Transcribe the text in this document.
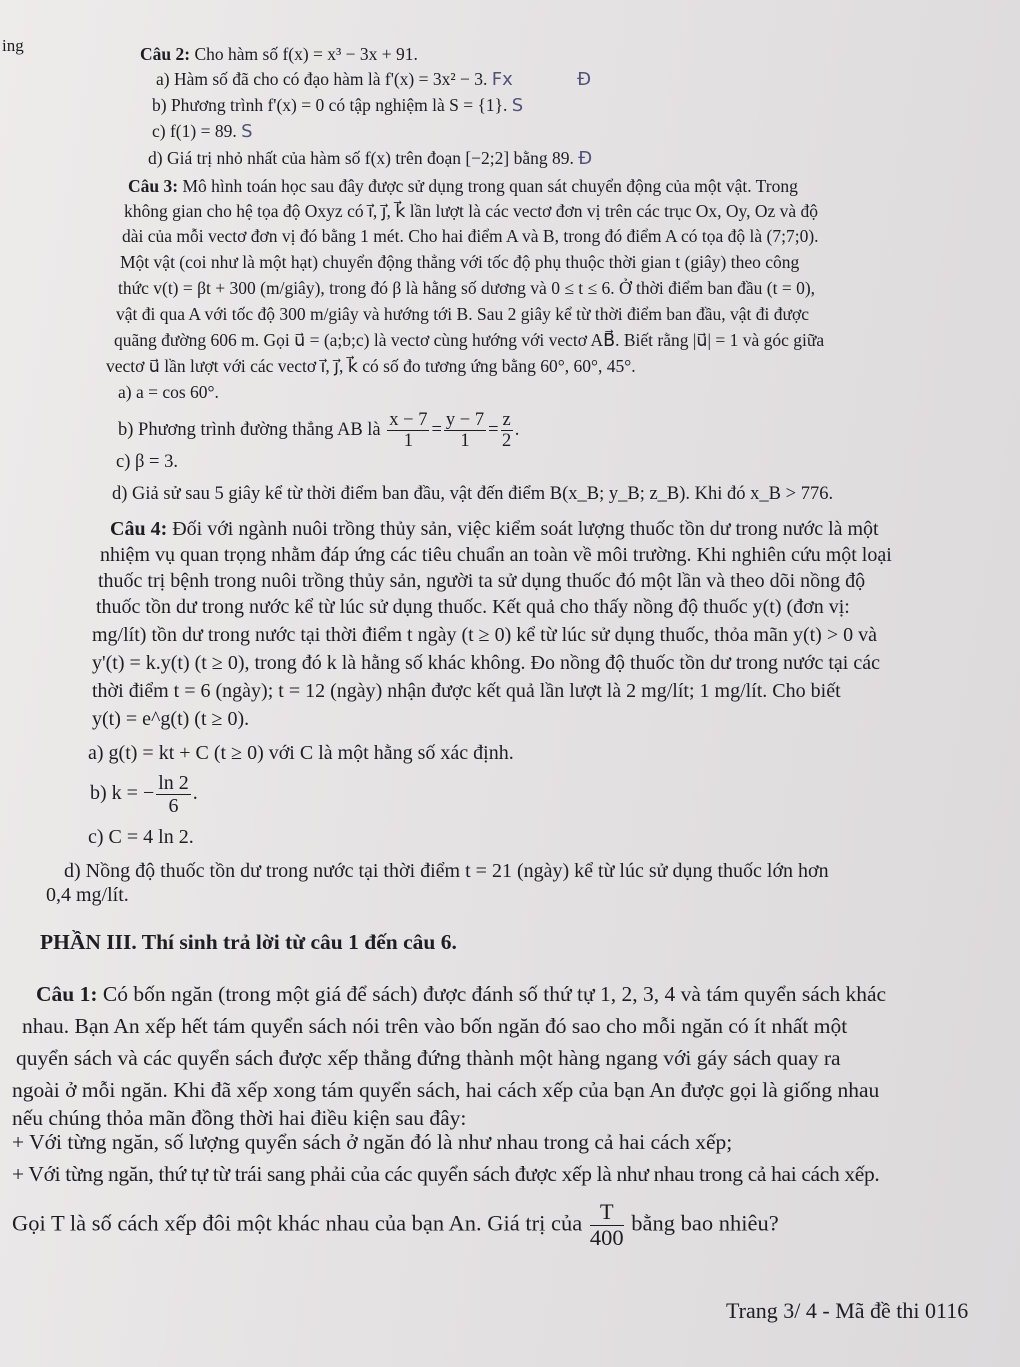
ing	Câu 2: Cho hàm số f(x) = x³ − 3x + 91.
a) Hàm số đã cho có đạo hàm là f'(x) = 3x² − 3. Fx	Đ
b) Phương trình f'(x) = 0 có tập nghiệm là S = {1}. S
c) f(1) = 89. S
d) Giá trị nhỏ nhất của hàm số f(x) trên đoạn [−2;2] bằng 89. Đ
Câu 3: Mô hình toán học sau đây được sử dụng trong quan sát chuyển động của một vật. Trong
không gian cho hệ tọa độ Oxyz có i⃗, j⃗, k⃗ lần lượt là các vectơ đơn vị trên các trục Ox, Oy, Oz và độ
dài của mỗi vectơ đơn vị đó bằng 1 mét. Cho hai điểm A và B, trong đó điểm A có tọa độ là (7;7;0).
Một vật (coi như là một hạt) chuyển động thẳng với tốc độ phụ thuộc thời gian t (giây) theo công
thức v(t) = βt + 300 (m/giây), trong đó β là hằng số dương và 0 ≤ t ≤ 6. Ở thời điểm ban đầu (t = 0),
vật đi qua A với tốc độ 300 m/giây và hướng tới B. Sau 2 giây kể từ thời điểm ban đầu, vật đi được
quãng đường 606 m. Gọi u⃗ = (a;b;c) là vectơ cùng hướng với vectơ AB⃗. Biết rằng |u⃗| = 1 và góc giữa
vectơ u⃗ lần lượt với các vectơ i⃗, j⃗, k⃗ có số đo tương ứng bằng 60°, 60°, 45°.
a) a = cos 60°.
b) Phương trình đường thẳng AB là $\frac{x - 7}{1} = \frac{y - 7}{1} = \frac{z}{2}$ .
c) β = 3.
d) Giả sử sau 5 giây kể từ thời điểm ban đầu, vật đến điểm B(x_B; y_B; z_B). Khi đó x_B > 776.
Câu 4: Đối với ngành nuôi trồng thủy sản, việc kiểm soát lượng thuốc tồn dư trong nước là một
nhiệm vụ quan trọng nhằm đáp ứng các tiêu chuẩn an toàn về môi trường. Khi nghiên cứu một loại
thuốc trị bệnh trong nuôi trồng thủy sản, người ta sử dụng thuốc đó một lần và theo dõi nồng độ
thuốc tồn dư trong nước kể từ lúc sử dụng thuốc. Kết quả cho thấy nồng độ thuốc y(t) (đơn vị:
mg/lít) tồn dư trong nước tại thời điểm t ngày (t ≥ 0) kể từ lúc sử dụng thuốc, thỏa mãn y(t) > 0 và
y'(t) = k.y(t) (t ≥ 0), trong đó k là hằng số khác không. Đo nồng độ thuốc tồn dư trong nước tại các
thời điểm t = 6 (ngày); t = 12 (ngày) nhận được kết quả lần lượt là 2 mg/lít; 1 mg/lít. Cho biết
y(t) = e^g(t) (t ≥ 0).
a) g(t) = kt + C (t ≥ 0) với C là một hằng số xác định.
b) k = − $\frac{\ln 2}{6}$ .
c) C = 4 ln 2.
d) Nồng độ thuốc tồn dư trong nước tại thời điểm t = 21 (ngày) kể từ lúc sử dụng thuốc lớn hơn
0,4 mg/lít.
PHẦN III. Thí sinh trả lời từ câu 1 đến câu 6.
Câu 1: Có bốn ngăn (trong một giá để sách) được đánh số thứ tự 1, 2, 3, 4 và tám quyển sách khác
nhau. Bạn An xếp hết tám quyển sách nói trên vào bốn ngăn đó sao cho mỗi ngăn có ít nhất một
quyển sách và các quyển sách được xếp thẳng đứng thành một hàng ngang với gáy sách quay ra
ngoài ở mỗi ngăn. Khi đã xếp xong tám quyển sách, hai cách xếp của bạn An được gọi là giống nhau
nếu chúng thỏa mãn đồng thời hai điều kiện sau đây:
+ Với từng ngăn, số lượng quyển sách ở ngăn đó là như nhau trong cả hai cách xếp;
+ Với từng ngăn, thứ tự từ trái sang phải của các quyển sách được xếp là như nhau trong cả hai cách xếp.
Gọi T là số cách xếp đôi một khác nhau của bạn An. Giá trị của $\frac{T}{400}$ bằng bao nhiêu?
Trang 3/ 4 - Mã đề thi 0116
